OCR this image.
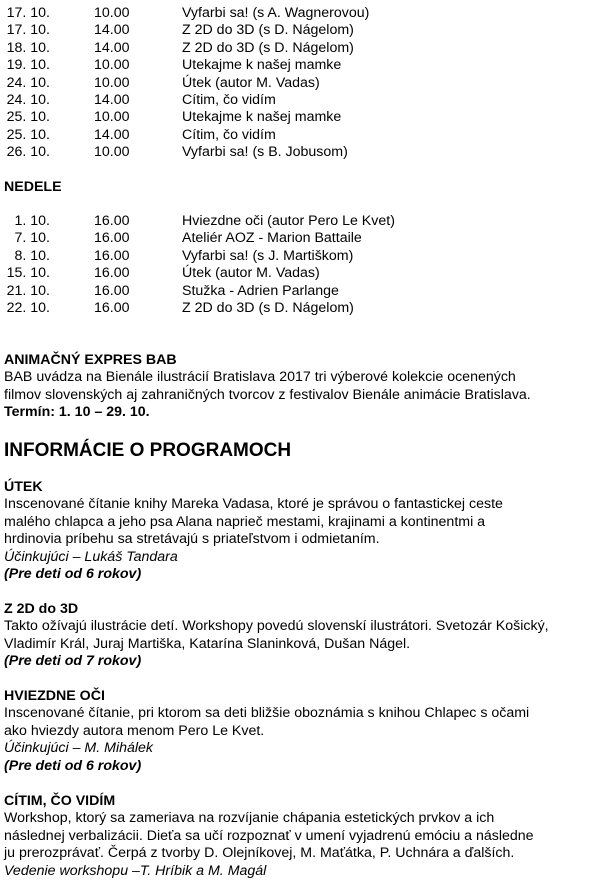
17. 10.	10.00	Vyfarbi sa! (s A. Wagnerovou)
17. 10.	14.00	Z 2D do 3D (s D. Nágelom)
18. 10.	14.00	Z 2D do 3D (s D. Nágelom)
19. 10.	10.00	Utekajme k našej mamke
24. 10.	10.00	Útek (autor M. Vadas)
24. 10.	14.00	Cítim, čo vidím
25. 10.	10.00	Utekajme k našej mamke
25. 10.	14.00	Cítim, čo vidím
26. 10.	10.00	Vyfarbi sa! (s B. Jobusom)
NEDELE
1. 10.	16.00	Hviezdne oči (autor Pero Le Kvet)
7. 10.	16.00	Ateliér AOZ - Marion Battaile
8. 10.	16.00	Vyfarbi sa! (s J. Martiškom)
15. 10.	16.00	Útek (autor M. Vadas)
21. 10.	16.00	Stužka - Adrien Parlange
22. 10.	16.00	Z 2D do 3D (s D. Nágelom)
ANIMAČNÝ EXPRES BAB
BAB uvádza na Bienále ilustrácií Bratislava 2017 tri výberové kolekcie ocenených
filmov slovenských aj zahraničných tvorcov z festivalov Bienále animácie Bratislava.
Termín: 1. 10 – 29. 10.
INFORMÁCIE O PROGRAMOCH
ÚTEK
Inscenované čítanie knihy Mareka Vadasa, ktoré je správou o fantastickej ceste
malého chlapca a jeho psa Alana naprieč mestami, krajinami a kontinentmi a
hrdinovia príbehu sa stretávajú s priateľstvom i odmietaním.
Účinkujúci – Lukáš Tandara
(Pre deti od 6 rokov)
Z 2D do 3D
Takto ožívajú ilustrácie detí. Workshopy povedú slovenskí ilustrátori. Svetozár Košický,
Vladimír Král, Juraj Martiška, Katarína Slaninková, Dušan Nágel.
(Pre deti od 7 rokov)
HVIEZDNE OČI
Inscenované čítanie, pri ktorom sa deti bližšie oboznámia s knihou Chlapec s očami
ako hviezdy autora menom Pero Le Kvet.
Účinkujúci – M. Mihálek
(Pre deti od 6 rokov)
CÍTIM, ČO VIDÍM
Workshop, ktorý sa zameriava na rozvíjanie chápania estetických prvkov a ich
následnej verbalizácii. Dieťa sa učí rozpoznať v umení vyjadrenú emóciu a následne
ju prerozprávať. Čerpá z tvorby D. Olejníkovej, M. Maťátka, P. Uchnára a ďalších.
Vedenie workshopu –T. Hríbik a M. Magál
